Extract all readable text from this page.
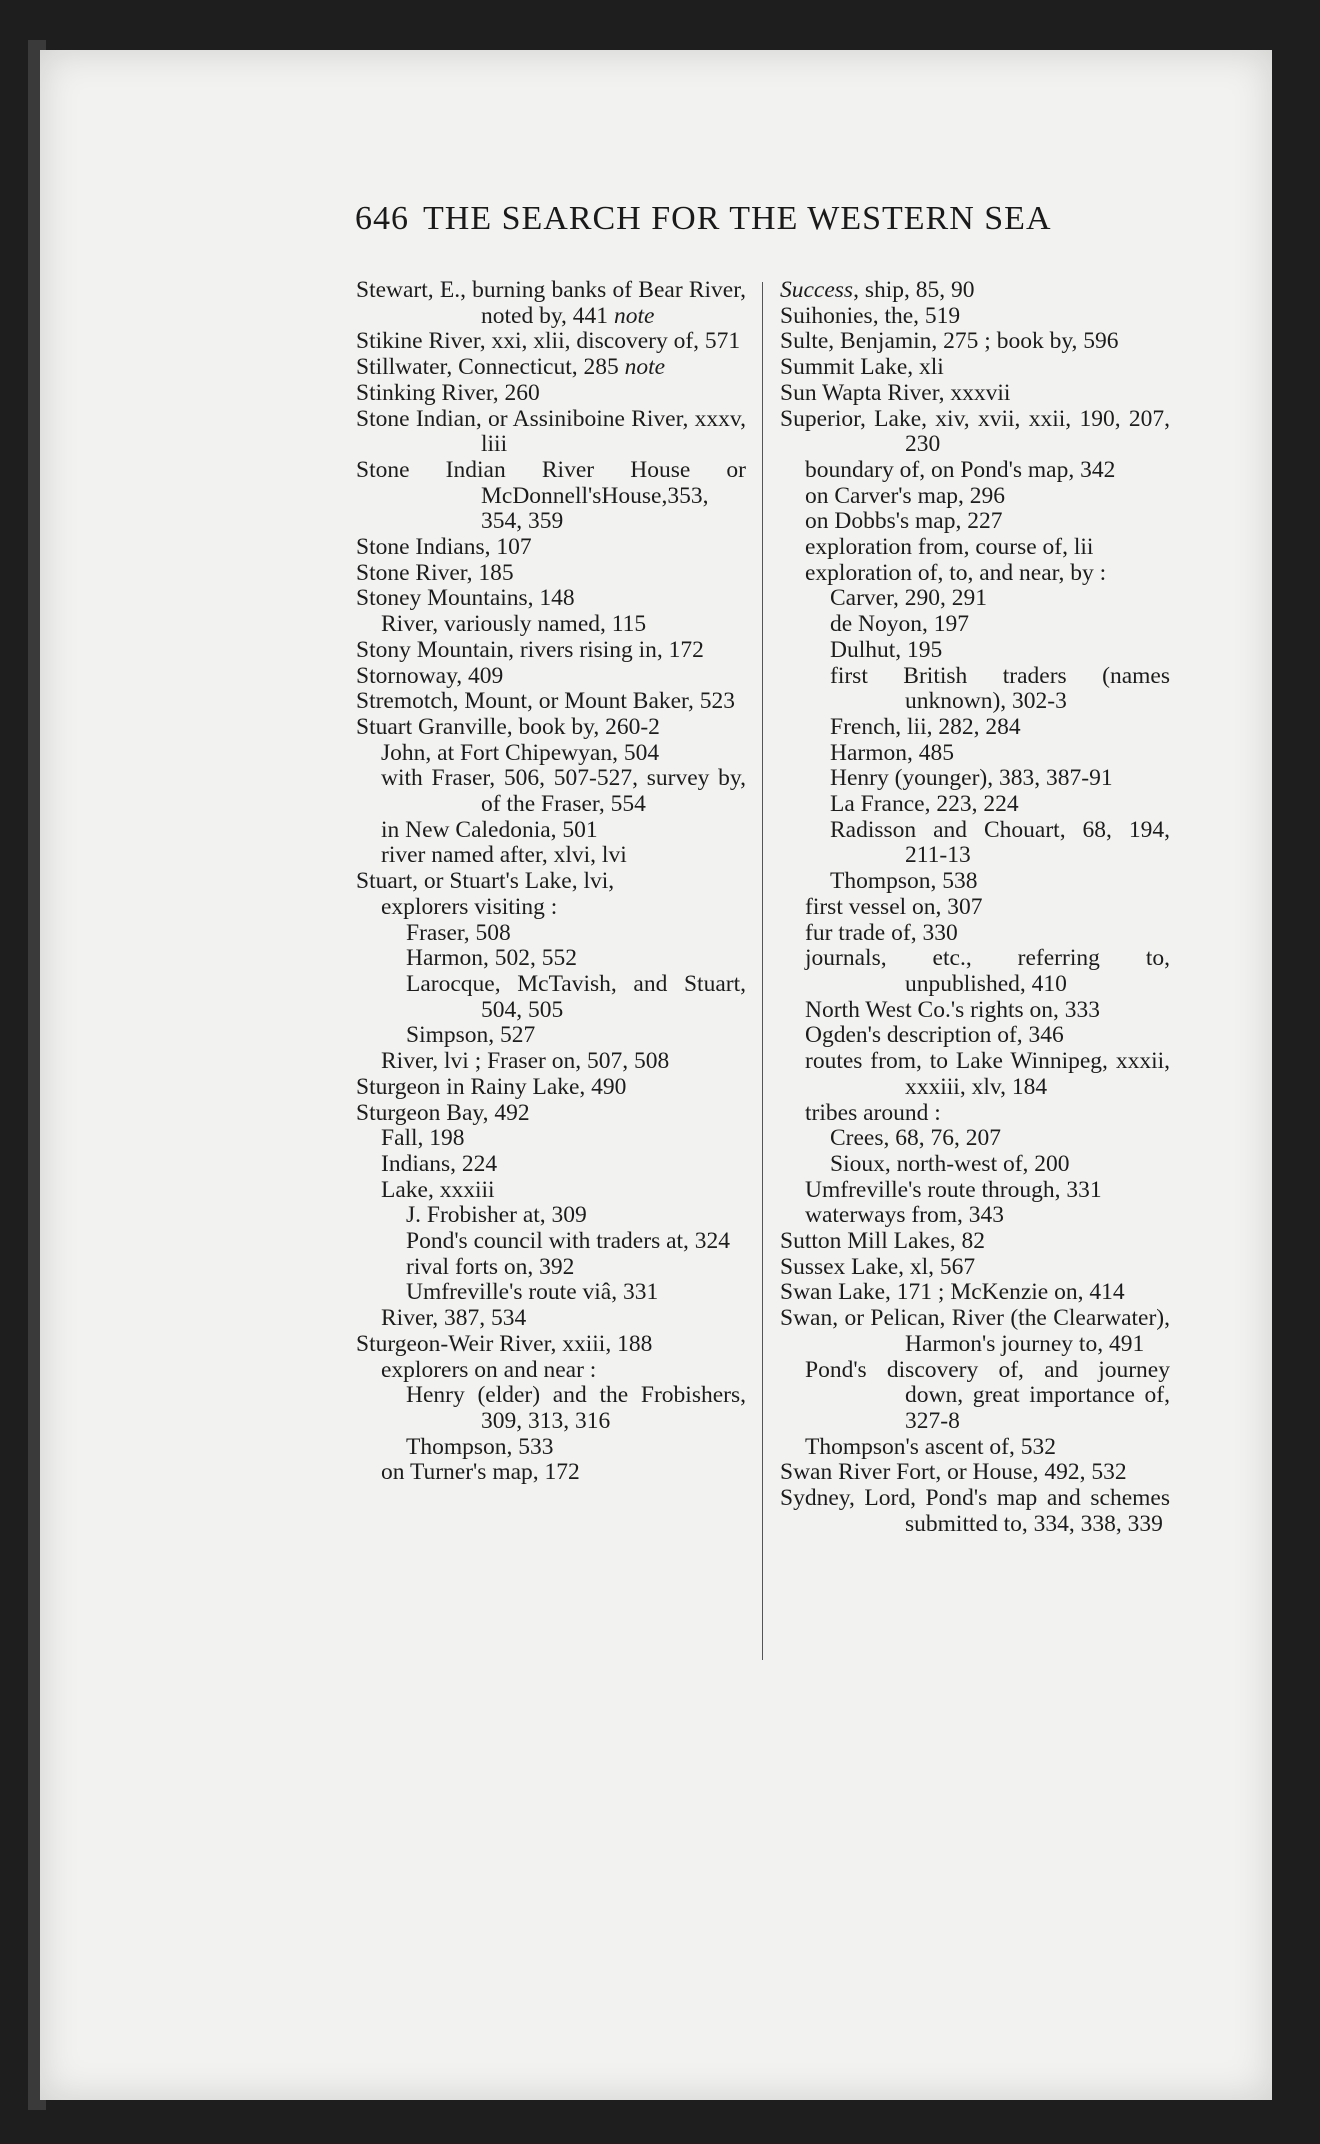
646 THE SEARCH FOR THE WESTERN SEA
Stewart, E., burning banks of Bear River, noted by, 441 note
Stikine River, xxi, xlii, discovery of, 571
Stillwater, Connecticut, 285 note
Stinking River, 260
Stone Indian, or Assiniboine River, xxxv, liii
Stone Indian River House or McDonnell'sHouse,353, 354, 359
Stone Indians, 107
Stone River, 185
Stoney Mountains, 148
River, variously named, 115
Stony Mountain, rivers rising in, 172
Stornoway, 409
Stremotch, Mount, or Mount Baker, 523
Stuart Granville, book by, 260-2
John, at Fort Chipewyan, 504
with Fraser, 506, 507-527, survey by, of the Fraser, 554
in New Caledonia, 501
river named after, xlvi, lvi
Stuart, or Stuart's Lake, lvi,
explorers visiting :
Fraser, 508
Harmon, 502, 552
Larocque, McTavish, and Stuart, 504, 505
Simpson, 527
River, lvi ; Fraser on, 507, 508
Sturgeon in Rainy Lake, 490
Sturgeon Bay, 492
Fall, 198
Indians, 224
Lake, xxxiii
J. Frobisher at, 309
Pond's council with traders at, 324
rival forts on, 392
Umfreville's route viâ, 331
River, 387, 534
Sturgeon-Weir River, xxiii, 188
explorers on and near :
Henry (elder) and the Frobishers, 309, 313, 316
Thompson, 533
on Turner's map, 172
Success, ship, 85, 90
Suihonies, the, 519
Sulte, Benjamin, 275 ; book by, 596
Summit Lake, xli
Sun Wapta River, xxxvii
Superior, Lake, xiv, xvii, xxii, 190, 207, 230
boundary of, on Pond's map, 342
on Carver's map, 296
on Dobbs's map, 227
exploration from, course of, lii
exploration of, to, and near, by :
Carver, 290, 291
de Noyon, 197
Dulhut, 195
first British traders (names unknown), 302-3
French, lii, 282, 284
Harmon, 485
Henry (younger), 383, 387-91
La France, 223, 224
Radisson and Chouart, 68, 194, 211-13
Thompson, 538
first vessel on, 307
fur trade of, 330
journals, etc., referring to, unpublished, 410
North West Co.'s rights on, 333
Ogden's description of, 346
routes from, to Lake Winnipeg, xxxii, xxxiii, xlv, 184
tribes around :
Crees, 68, 76, 207
Sioux, north-west of, 200
Umfreville's route through, 331
waterways from, 343
Sutton Mill Lakes, 82
Sussex Lake, xl, 567
Swan Lake, 171 ; McKenzie on, 414
Swan, or Pelican, River (the Clearwater), Harmon's journey to, 491
Pond's discovery of, and journey down, great importance of, 327-8
Thompson's ascent of, 532
Swan River Fort, or House, 492, 532
Sydney, Lord, Pond's map and schemes submitted to, 334, 338, 339
